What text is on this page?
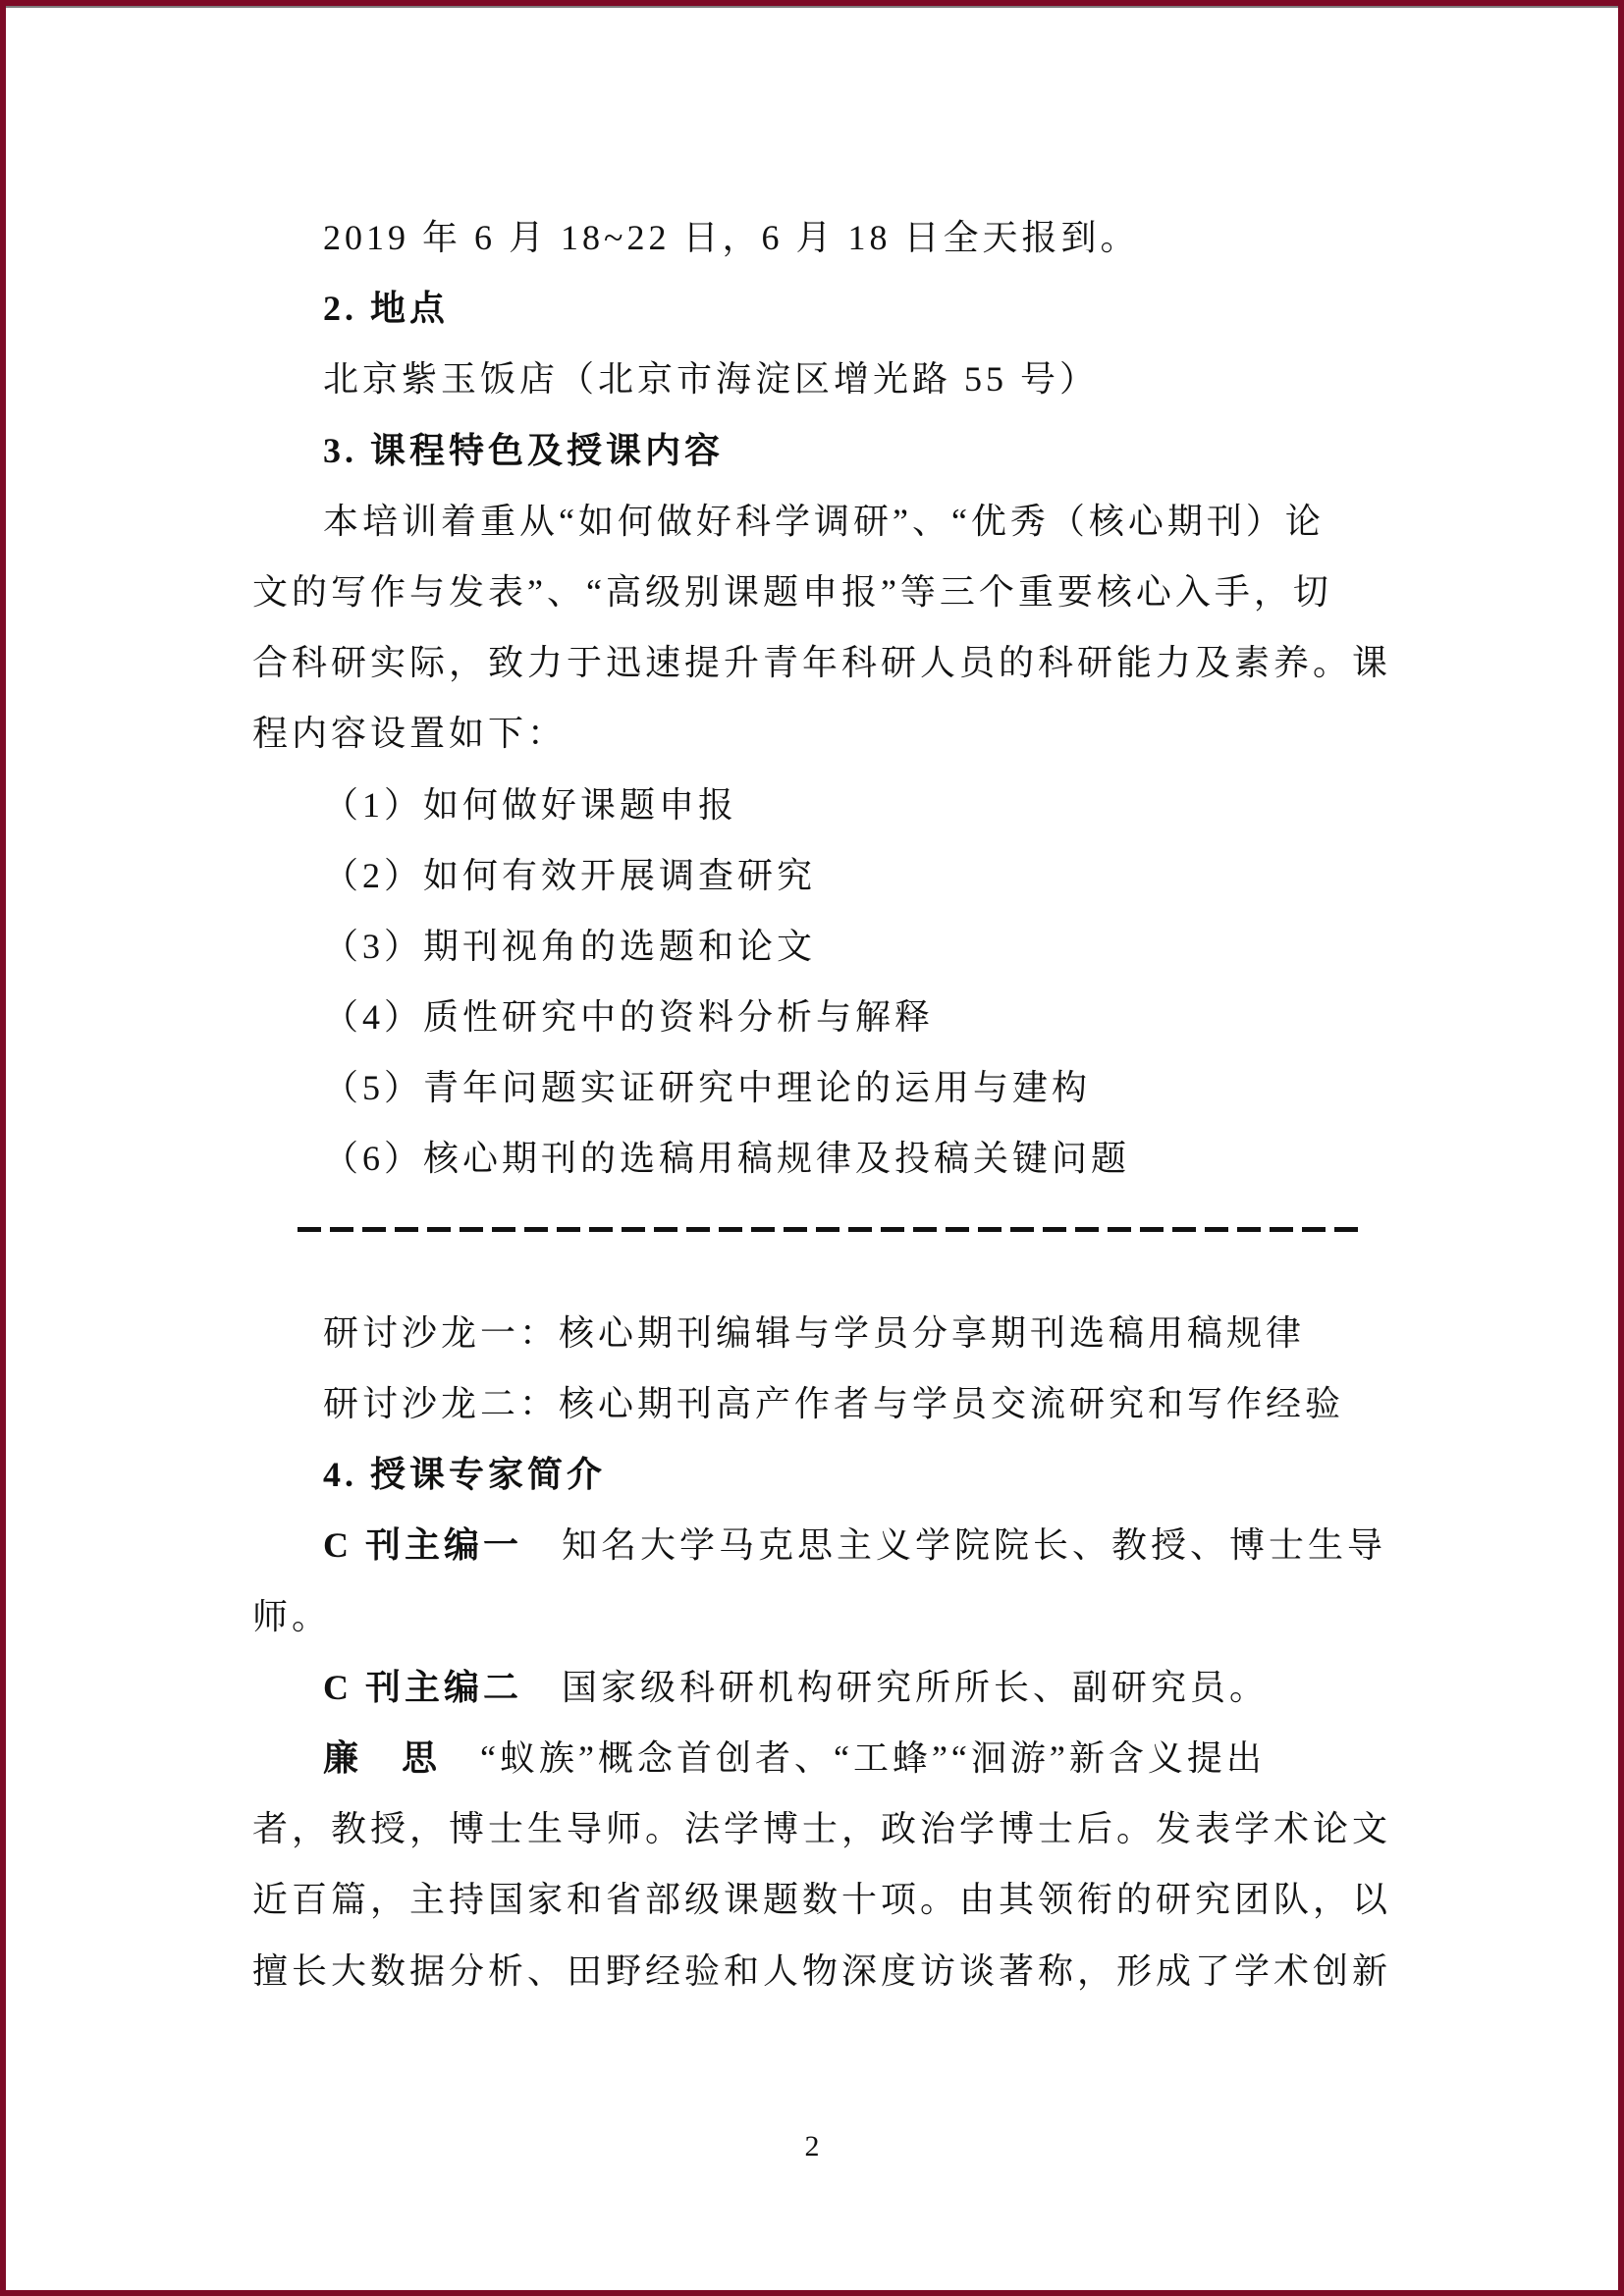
2019 年 6 月 18~22 日，6 月 18 日全天报到。
2. 地点
北京紫玉饭店（北京市海淀区增光路 55 号）
3. 课程特色及授课内容
本培训着重从“如何做好科学调研”、“优秀（核心期刊）论
文的写作与发表”、“高级别课题申报”等三个重要核心入手，切
合科研实际，致力于迅速提升青年科研人员的科研能力及素养。课
程内容设置如下：
（1）如何做好课题申报
（2）如何有效开展调查研究
（3）期刊视角的选题和论文
（4）质性研究中的资料分析与解释
（5）青年问题实证研究中理论的运用与建构
（6）核心期刊的选稿用稿规律及投稿关键问题
研讨沙龙一：核心期刊编辑与学员分享期刊选稿用稿规律
研讨沙龙二：核心期刊高产作者与学员交流研究和写作经验
4. 授课专家简介
C 刊主编一　知名大学马克思主义学院院长、教授、博士生导
师。
C 刊主编二　国家级科研机构研究所所长、副研究员。
廉　思　“蚁族”概念首创者、“工蜂”“洄游”新含义提出
者，教授，博士生导师。法学博士，政治学博士后。发表学术论文
近百篇，主持国家和省部级课题数十项。由其领衔的研究团队，以
擅长大数据分析、田野经验和人物深度访谈著称，形成了学术创新
2
